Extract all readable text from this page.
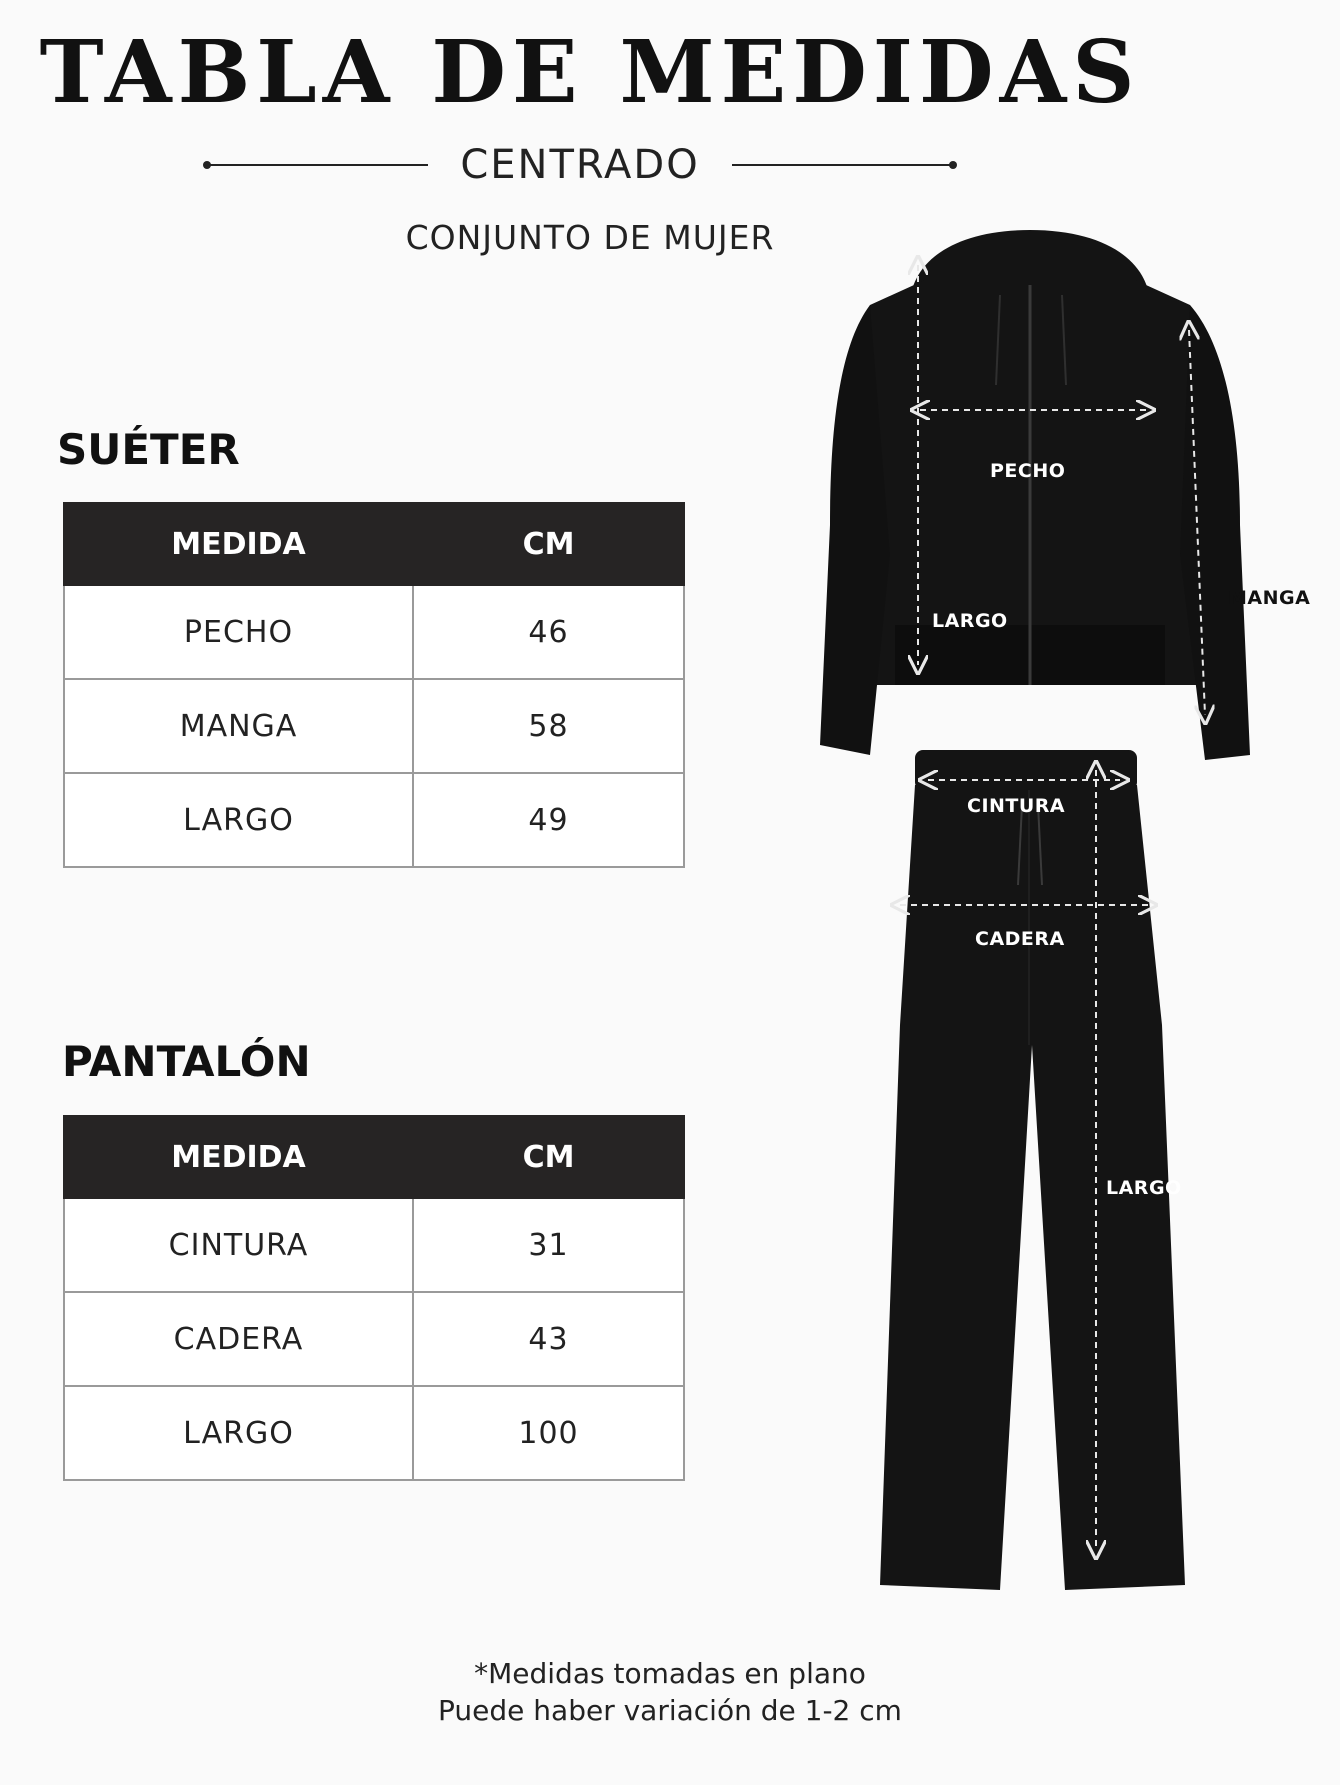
TABLA DE MEDIDAS
CENTRADO
CONJUNTO DE MUJER
SUÉTER
MEDIDA	CM
PECHO	46
MANGA	58
LARGO	49
PANTALÓN
MEDIDA	CM
CINTURA	31
CADERA	43
LARGO	100
PECHO
LARGO
MANGA
CINTURA
CADERA
LARGO
*Medidas tomadas en plano
Puede haber variación de 1-2 cm
